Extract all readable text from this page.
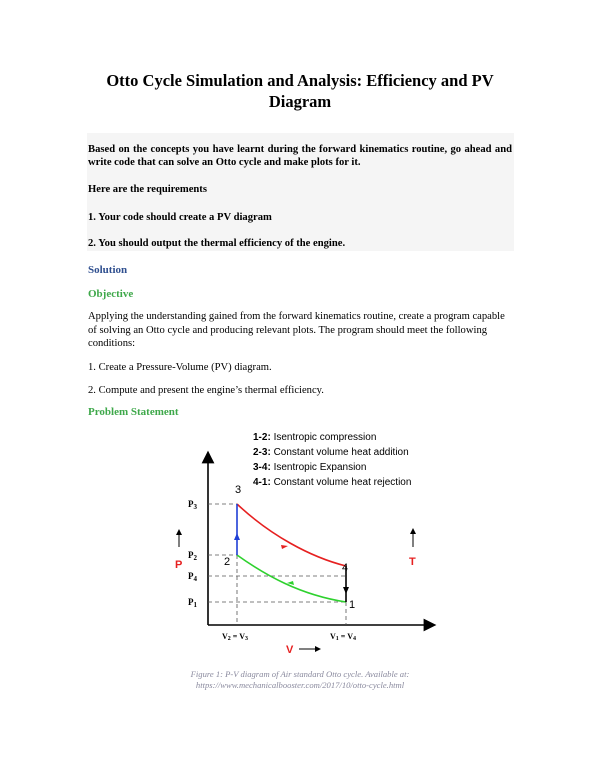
Otto Cycle Simulation and Analysis: Efficiency and PV Diagram
Based on the concepts you have learnt during the forward kinematics routine, go ahead and write code that can solve an Otto cycle and make plots for it.
Here are the requirements
1. Your code should create a PV diagram
2. You should output the thermal efficiency of the engine.
Solution
Objective
Applying the understanding gained from the forward kinematics routine, create a program capable of solving an Otto cycle and producing relevant plots. The program should meet the following conditions:
1. Create a Pressure-Volume (PV) diagram.
2. Compute and present the engine’s thermal efficiency.
Problem Statement
1-2: Isentropic compression
2-3: Constant volume heat addition
3-4: Isentropic Expansion
4-1: Constant volume heat rejection
3
2	4
1
$P_3$
$P_2$
$P_4$
$P_1$
V2 = V3	V1 = V4
P	T
V
Figure 1: P-V diagram of Air standard Otto cycle. Available at: https://www.mechanicalbooster.com/2017/10/otto-cycle.html
